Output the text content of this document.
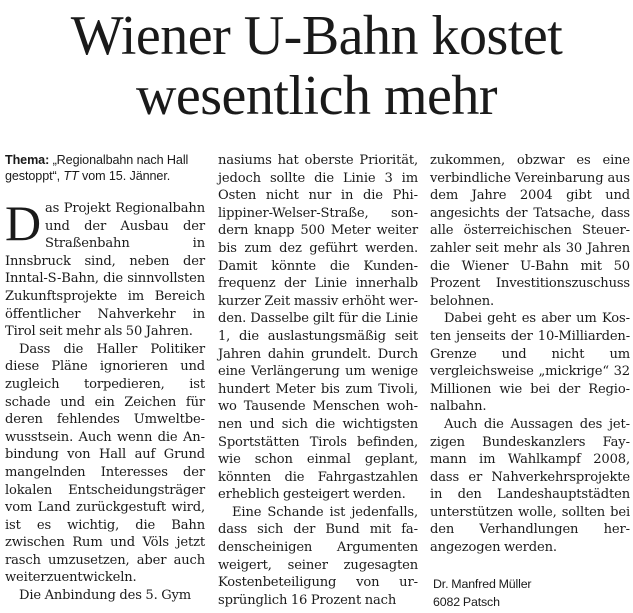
Wiener U-Bahn kostet
wesentlich mehr

Thema: „Regionalbahn nach Hall gestoppt“, TT vom 15. Jänner.

Das Projekt Regionalbahn und der Ausbau der Straßenbahn in Innsbruck sind, neben der Inntal-S-Bahn, die sinnvollsten Zukunftsprojekte im Bereich öffentlicher Nahverkehr in Tirol seit mehr als 50 Jahren.

Dass die Haller Politiker diese Pläne ignorieren und zugleich torpedieren, ist schade und ein Zeichen für deren fehlendes Umweltbewusstsein. Auch wenn die Anbindung von Hall auf Grund mangelnden Interesses der lokalen Entscheidungsträger vom Land zurückgestuft wird, ist es wichtig, die Bahn zwischen Rum und Völs jetzt rasch umzusetzen, aber auch weiterzuentwickeln.

Die Anbindung des 5. Gym

nasiums hat oberste Priorität, jedoch sollte die Linie 3 im Osten nicht nur in die Philippiner-Welser-Straße, sondern knapp 500 Meter weiter bis zum dez geführt werden. Damit könnte die Kundenfrequenz der Linie innerhalb kurzer Zeit massiv erhöht werden. Dasselbe gilt für die Linie 1, die auslastungsmäßig seit Jahren dahin grundelt. Durch eine Verlängerung um wenige hundert Meter bis zum Tivoli, wo Tausende Menschen wohnen und sich die wichtigsten Sportstätten Tirols befinden, wie schon einmal geplant, könnten die Fahrgastzahlen erheblich gesteigert werden.

Eine Schande ist jedenfalls, dass sich der Bund mit fadenscheinigen Argumenten weigert, seiner zugesagten Kostenbeteiligung von ursprünglich 16 Prozent nach

zukommen, obzwar es eine verbindliche Vereinbarung aus dem Jahre 2004 gibt und angesichts der Tatsache, dass alle österreichischen Steuerzahler seit mehr als 30 Jahren die Wiener U-Bahn mit 50 Prozent Investitionszuschuss belohnen.

Dabei geht es aber um Kosten jenseits der 10-Milliarden-Grenze und nicht um vergleichsweise „mickrige“ 32 Millionen wie bei der Regionalbahn.

Auch die Aussagen des jetzigen Bundeskanzlers Faymann im Wahlkampf 2008, dass er Nahverkehrsprojekte in den Landeshauptstädten unterstützen wolle, sollten bei den Verhandlungen herangezogen werden.

Dr. Manfred Müller
6082 Patsch
